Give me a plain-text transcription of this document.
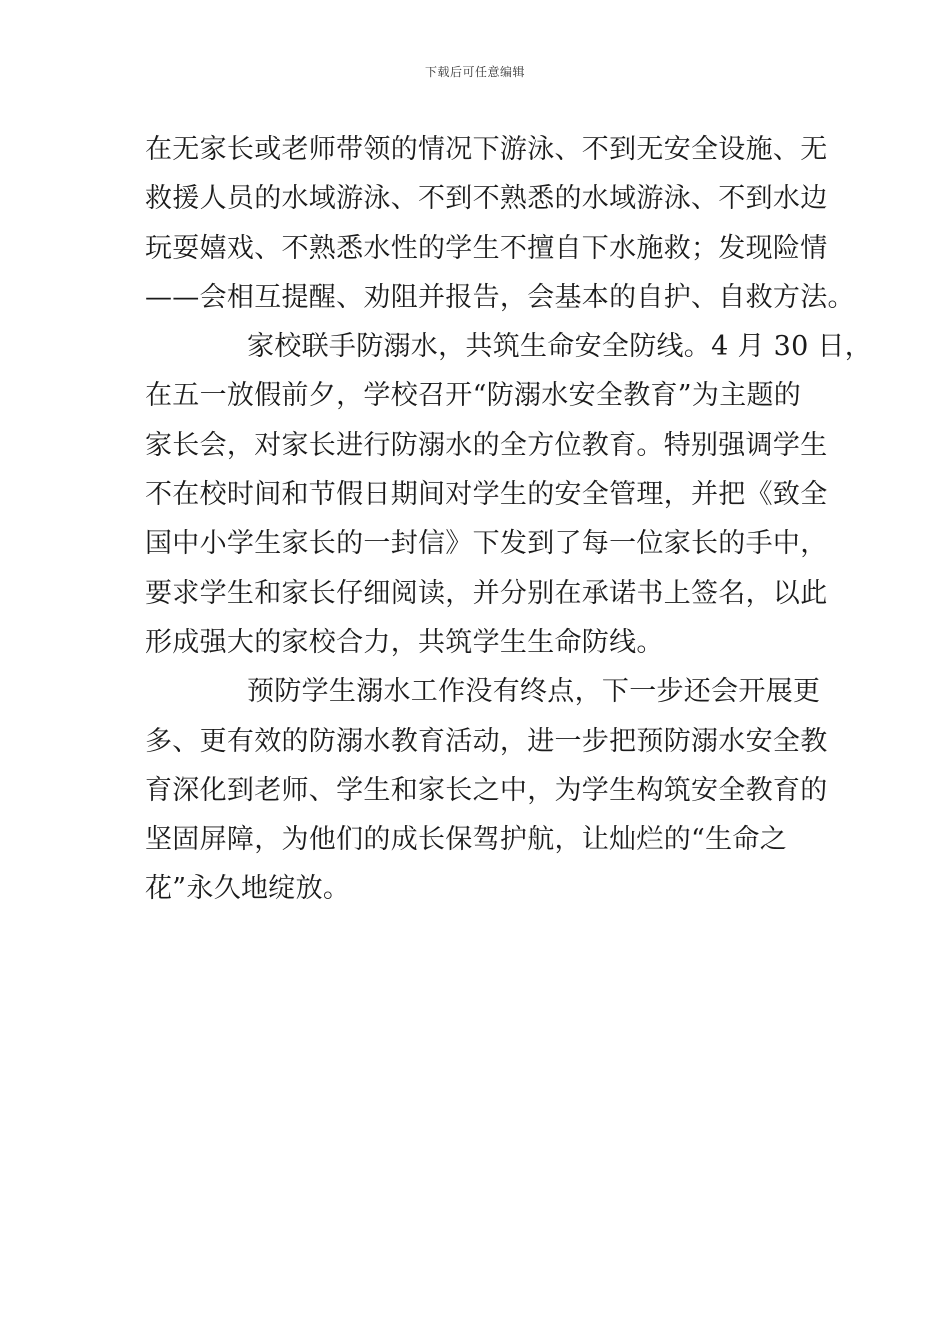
下载后可任意编辑
在无家长或老师带领的情况下游泳、不到无安全设施、无
救援人员的水域游泳、不到不熟悉的水域游泳、不到水边
玩耍嬉戏、不熟悉水性的学生不擅自下水施救；发现险情
——会相互提醒、劝阻并报告，会基本的自护、自救方法。
家校联手防溺水，共筑生命安全防线。4 月 30 日，
在五一放假前夕，学校召开“防溺水安全教育”为主题的
家长会，对家长进行防溺水的全方位教育。特别强调学生
不在校时间和节假日期间对学生的安全管理，并把《致全
国中小学生家长的一封信》下发到了每一位家长的手中，
要求学生和家长仔细阅读，并分别在承诺书上签名，以此
形成强大的家校合力，共筑学生生命防线。
预防学生溺水工作没有终点，下一步还会开展更
多、更有效的防溺水教育活动，进一步把预防溺水安全教
育深化到老师、学生和家长之中，为学生构筑安全教育的
坚固屏障，为他们的成长保驾护航，让灿烂的“生命之
花”永久地绽放。
